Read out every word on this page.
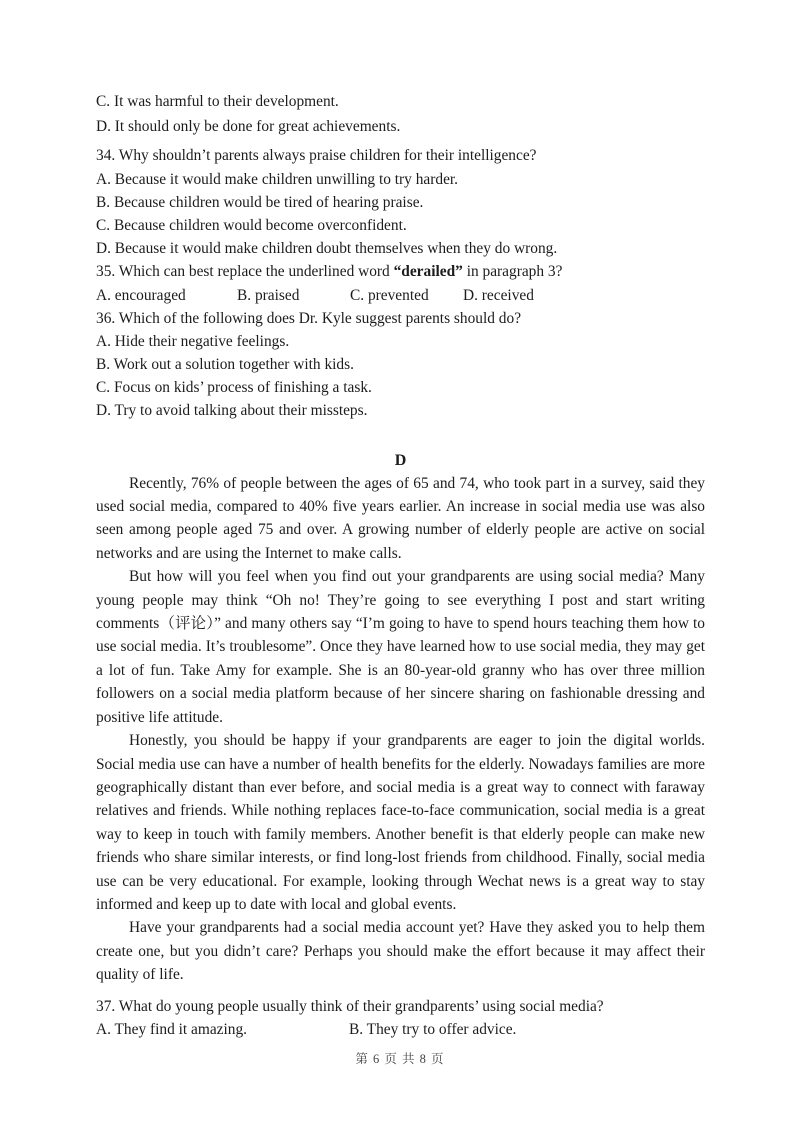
C. It was harmful to their development.
D. It should only be done for great achievements.
34. Why shouldn’t parents always praise children for their intelligence?
A. Because it would make children unwilling to try harder.
B. Because children would be tired of hearing praise.
C. Because children would become overconfident.
D. Because it would make children doubt themselves when they do wrong.
35. Which can best replace the underlined word “derailed” in paragraph 3?
A. encouraged	B. praised	C. prevented D. received
36. Which of the following does Dr. Kyle suggest parents should do?
A. Hide their negative feelings.
B. Work out a solution together with kids.
C. Focus on kids’ process of finishing a task.
D. Try to avoid talking about their missteps.
D

Recently, 76% of people between the ages of 65 and 74, who took part in a survey, said they used social media, compared to 40% five years earlier. An increase in social media use was also seen among people aged 75 and over. A growing number of elderly people are active on social networks and are using the Internet to make calls.

But how will you feel when you find out your grandparents are using social media? Many young people may think “Oh no! They’re going to see everything I post and start writing comments（评论）” and many others say “I’m going to have to spend hours teaching them how to use social media. It’s troublesome”. Once they have learned how to use social media, they may get a lot of fun. Take Amy for example. She is an 80-year-old granny who has over three million followers on a social media platform because of her sincere sharing on fashionable dressing and positive life attitude.

Honestly, you should be happy if your grandparents are eager to join the digital worlds. Social media use can have a number of health benefits for the elderly. Nowadays families are more geographically distant than ever before, and social media is a great way to connect with faraway relatives and friends. While nothing replaces face-to-face communication, social media is a great way to keep in touch with family members. Another benefit is that elderly people can make new friends who share similar interests, or find long-lost friends from childhood. Finally, social media use can be very educational. For example, looking through Wechat news is a great way to stay informed and keep up to date with local and global events.

Have your grandparents had a social media account yet? Have they asked you to help them create one, but you didn’t care? Perhaps you should make the effort because it may affect their quality of life.

37. What do young people usually think of their grandparents’ using social media?
A. They find it amazing.	B. They try to offer advice.
第 6 页 共 8 页
